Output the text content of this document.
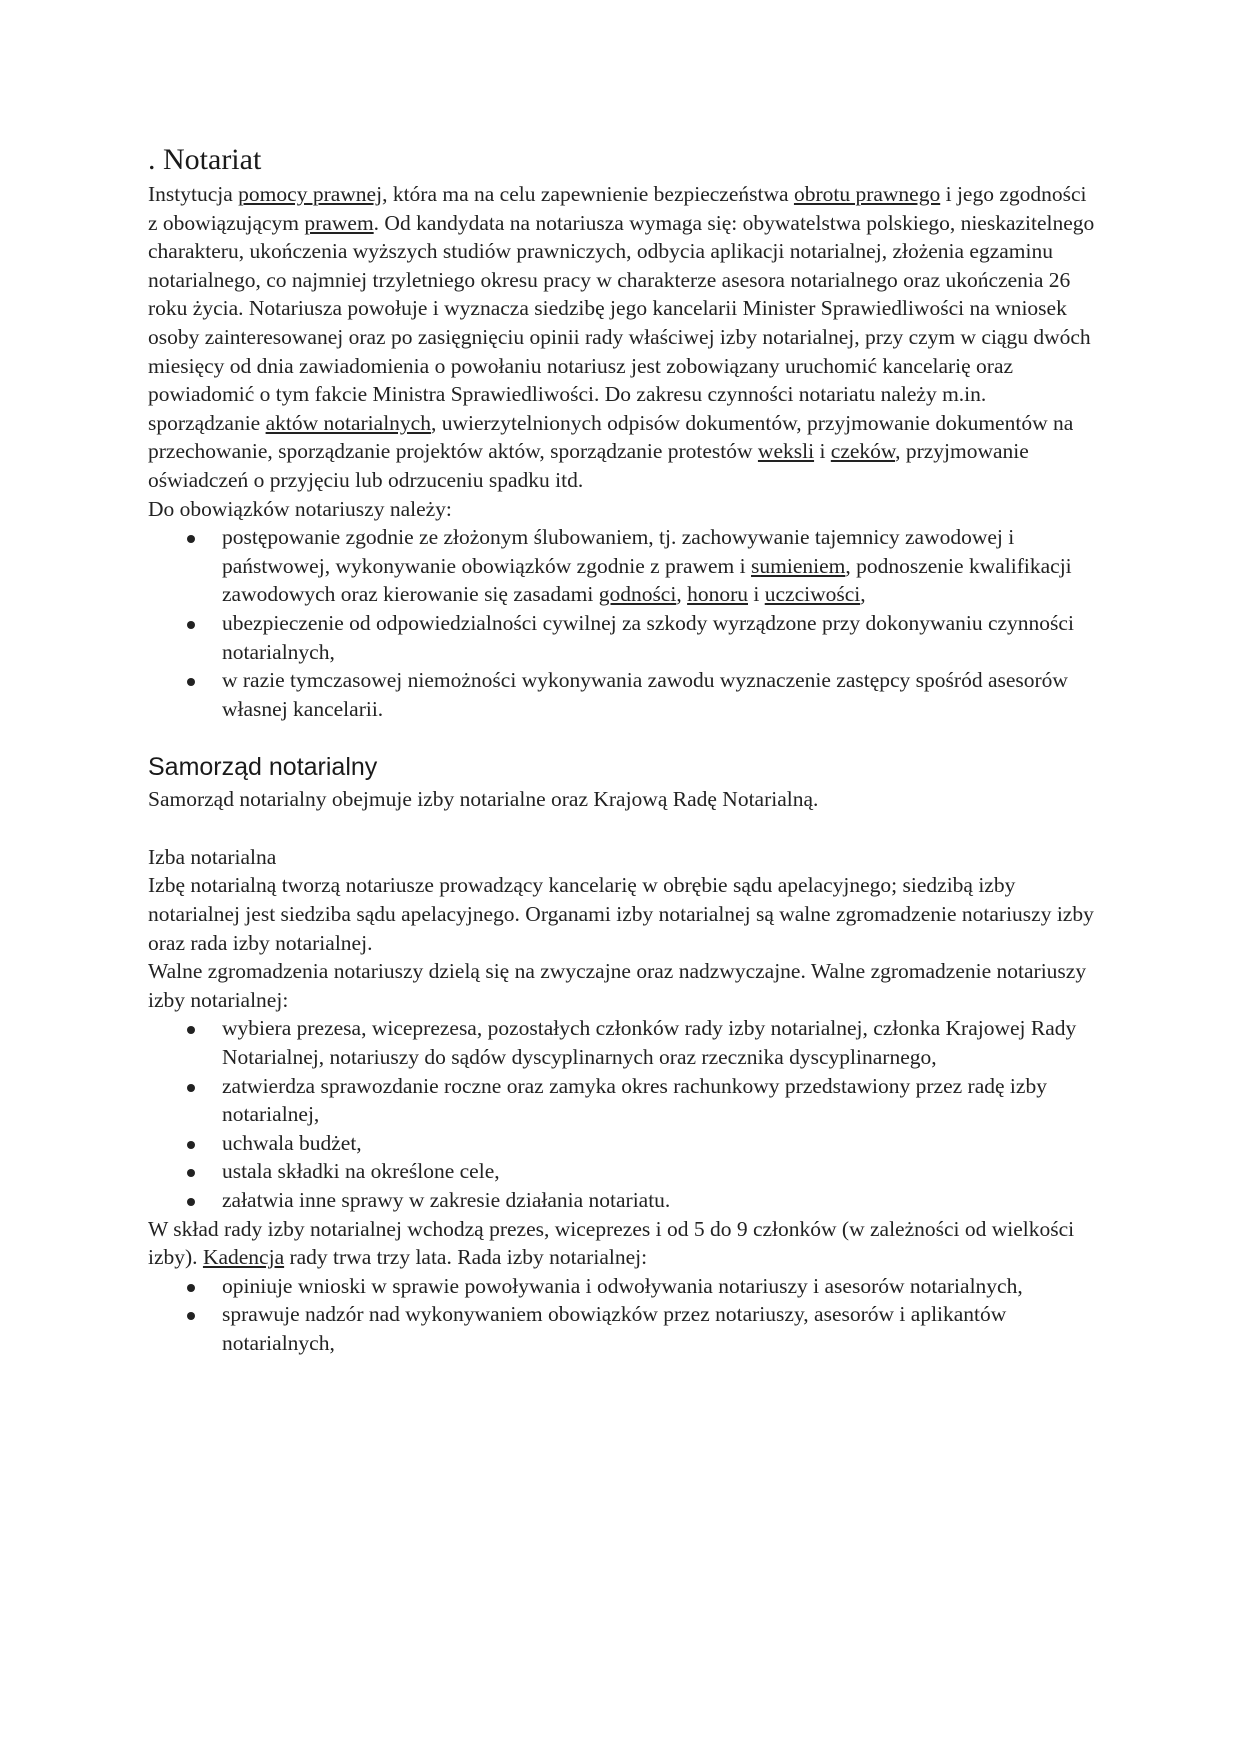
. Notariat

Instytucja pomocy prawnej, która ma na celu zapewnienie bezpieczeństwa obrotu prawnego i jego zgodności z obowiązującym prawem. Od kandydata na notariusza wymaga się: obywatelstwa polskiego, nieskazitelnego charakteru, ukończenia wyższych studiów prawniczych, odbycia aplikacji notarialnej, złożenia egzaminu notarialnego, co najmniej trzyletniego okresu pracy w charakterze asesora notarialnego oraz ukończenia 26 roku życia. Notariusza powołuje i wyznacza siedzibę jego kancelarii Minister Sprawiedliwości na wniosek osoby zainteresowanej oraz po zasięgnięciu opinii rady właściwej izby notarialnej, przy czym w ciągu dwóch miesięcy od dnia zawiadomienia o powołaniu notariusz jest zobowiązany uruchomić kancelarię oraz powiadomić o tym fakcie Ministra Sprawiedliwości. Do zakresu czynności notariatu należy m.in. sporządzanie aktów notarialnych, uwierzytelnionych odpisów dokumentów, przyjmowanie dokumentów na przechowanie, sporządzanie projektów aktów, sporządzanie protestów weksli i czeków, przyjmowanie oświadczeń o przyjęciu lub odrzuceniu spadku itd.

Do obowiązków notariuszy należy:

postępowanie zgodnie ze złożonym ślubowaniem, tj. zachowywanie tajemnicy zawodowej i państwowej, wykonywanie obowiązków zgodnie z prawem i sumieniem, podnoszenie kwalifikacji zawodowych oraz kierowanie się zasadami godności, honoru i uczciwości,
ubezpieczenie od odpowiedzialności cywilnej za szkody wyrządzone przy dokonywaniu czynności notarialnych,
w razie tymczasowej niemożności wykonywania zawodu wyznaczenie zastępcy spośród asesorów własnej kancelarii.
Samorząd notarialny

Samorząd notarialny obejmuje izby notarialne oraz Krajową Radę Notarialną.

Izba notarialna

Izbę notarialną tworzą notariusze prowadzący kancelarię w obrębie sądu apelacyjnego; siedzibą izby notarialnej jest siedziba sądu apelacyjnego. Organami izby notarialnej są walne zgromadzenie notariuszy izby oraz rada izby notarialnej.

Walne zgromadzenia notariuszy dzielą się na zwyczajne oraz nadzwyczajne. Walne zgromadzenie notariuszy izby notarialnej:

wybiera prezesa, wiceprezesa, pozostałych członków rady izby notarialnej, członka Krajowej Rady Notarialnej, notariuszy do sądów dyscyplinarnych oraz rzecznika dyscyplinarnego,
zatwierdza sprawozdanie roczne oraz zamyka okres rachunkowy przedstawiony przez radę izby notarialnej,
uchwala budżet,
ustala składki na określone cele,
załatwia inne sprawy w zakresie działania notariatu.

W skład rady izby notarialnej wchodzą prezes, wiceprezes i od 5 do 9 członków (w zależności od wielkości izby). Kadencja rady trwa trzy lata. Rada izby notarialnej:

opiniuje wnioski w sprawie powoływania i odwoływania notariuszy i asesorów notarialnych,
sprawuje nadzór nad wykonywaniem obowiązków przez notariuszy, asesorów i aplikantów notarialnych,
